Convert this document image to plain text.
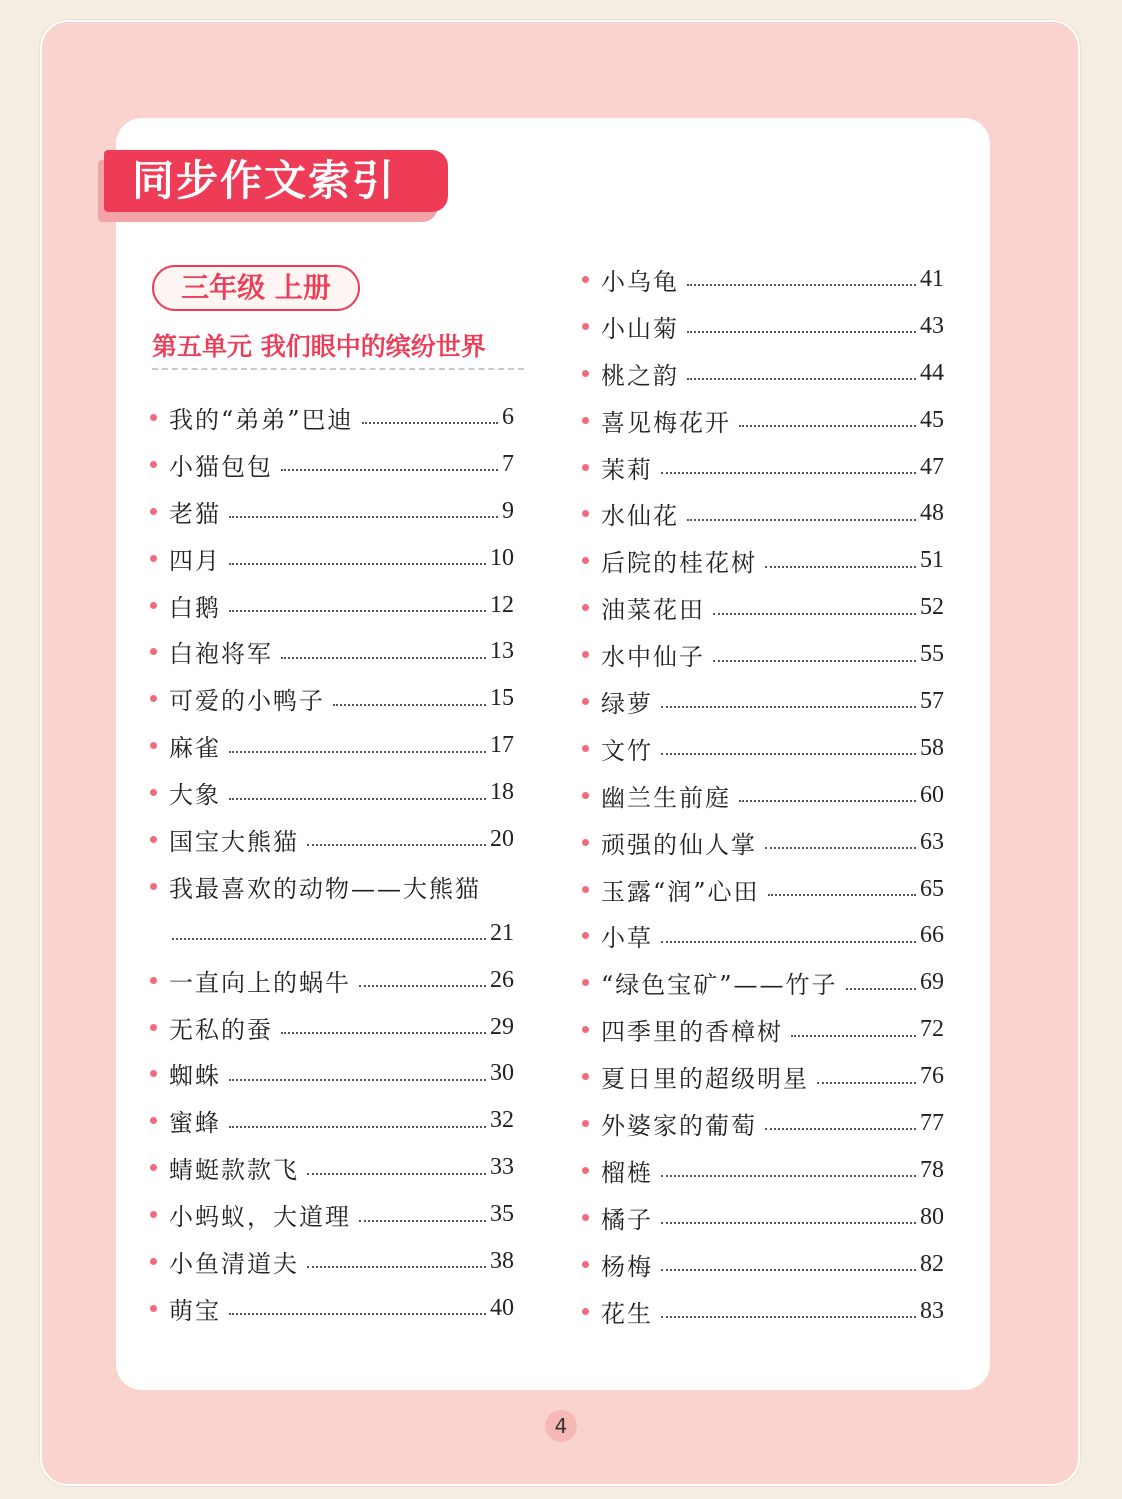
同步作文索引
三年级 上册
第五单元 我们眼中的缤纷世界
我的“弟弟”巴迪	6
小猫包包	7
老猫	9
四月	10
白鹅	12
白袍将军	13
可爱的小鸭子	15
麻雀	17
大象	18
国宝大熊猫	20
我最喜欢的动物——大熊猫
21
一直向上的蜗牛	26
无私的蚕	29
蜘蛛	30
蜜蜂	32
蜻蜓款款飞	33
小蚂蚁，大道理	35
小鱼清道夫	38
萌宝	40
小乌龟	41
小山菊	43
桃之韵	44
喜见梅花开	45
茉莉	47
水仙花	48
后院的桂花树	51
油菜花田	52
水中仙子	55
绿萝	57
文竹	58
幽兰生前庭	60
顽强的仙人掌	63
玉露“润”心田	65
小草	66
“绿色宝矿”——竹子	69
四季里的香樟树	72
夏日里的超级明星	76
外婆家的葡萄	77
榴梿	78
橘子	80
杨梅	82
花生	83
4
